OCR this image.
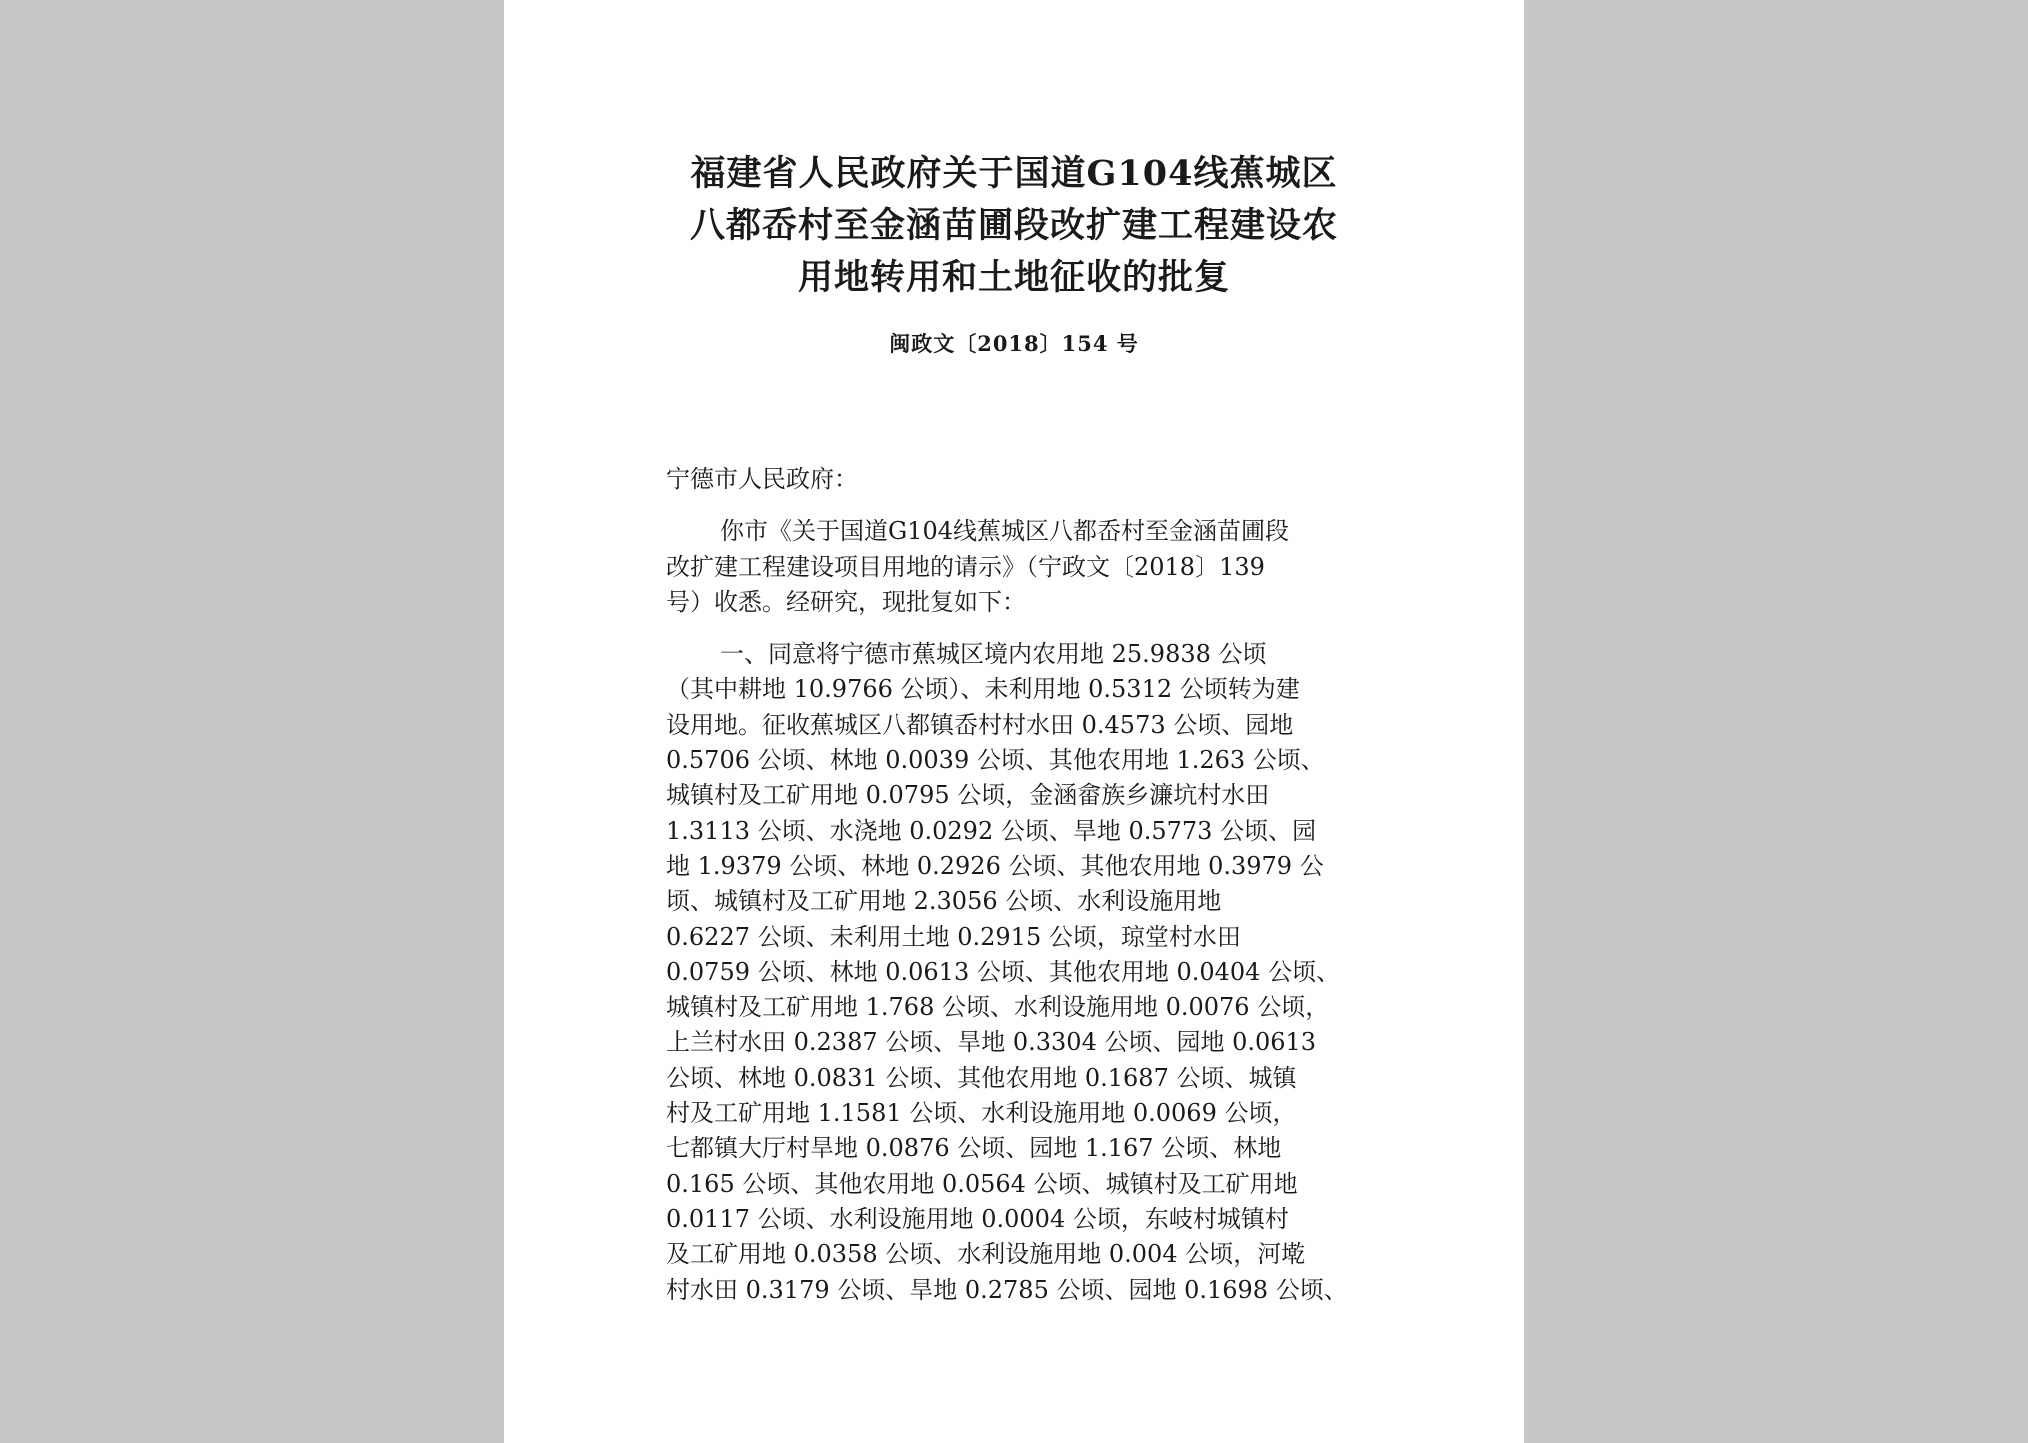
福建省人民政府关于国道G104线蕉城区
八都岙村至金涵苗圃段改扩建工程建设农
用地转用和土地征收的批复
闽政文〔2018〕154 号
宁德市人民政府：
你市《关于国道G104线蕉城区八都岙村至金涵苗圃段
改扩建工程建设项目用地的请示》（宁政文〔2018〕139
号）收悉。经研究，现批复如下：
一、同意将宁德市蕉城区境内农用地 25.9838 公顷
（其中耕地 10.9766 公顷）、未利用地 0.5312 公顷转为建
设用地。征收蕉城区八都镇岙村村水田 0.4573 公顷、园地
0.5706 公顷、林地 0.0039 公顷、其他农用地 1.263 公顷、
城镇村及工矿用地 0.0795 公顷，金涵畲族乡濂坑村水田
1.3113 公顷、水浇地 0.0292 公顷、旱地 0.5773 公顷、园
地 1.9379 公顷、林地 0.2926 公顷、其他农用地 0.3979 公
顷、城镇村及工矿用地 2.3056 公顷、水利设施用地
0.6227 公顷、未利用土地 0.2915 公顷，琼堂村水田
0.0759 公顷、林地 0.0613 公顷、其他农用地 0.0404 公顷、
城镇村及工矿用地 1.768 公顷、水利设施用地 0.0076 公顷，
上兰村水田 0.2387 公顷、旱地 0.3304 公顷、园地 0.0613
公顷、林地 0.0831 公顷、其他农用地 0.1687 公顷、城镇
村及工矿用地 1.1581 公顷、水利设施用地 0.0069 公顷，
七都镇大厅村旱地 0.0876 公顷、园地 1.167 公顷、林地
0.165 公顷、其他农用地 0.0564 公顷、城镇村及工矿用地
0.0117 公顷、水利设施用地 0.0004 公顷，东岐村城镇村
及工矿用地 0.0358 公顷、水利设施用地 0.004 公顷，河墘
村水田 0.3179 公顷、旱地 0.2785 公顷、园地 0.1698 公顷、
